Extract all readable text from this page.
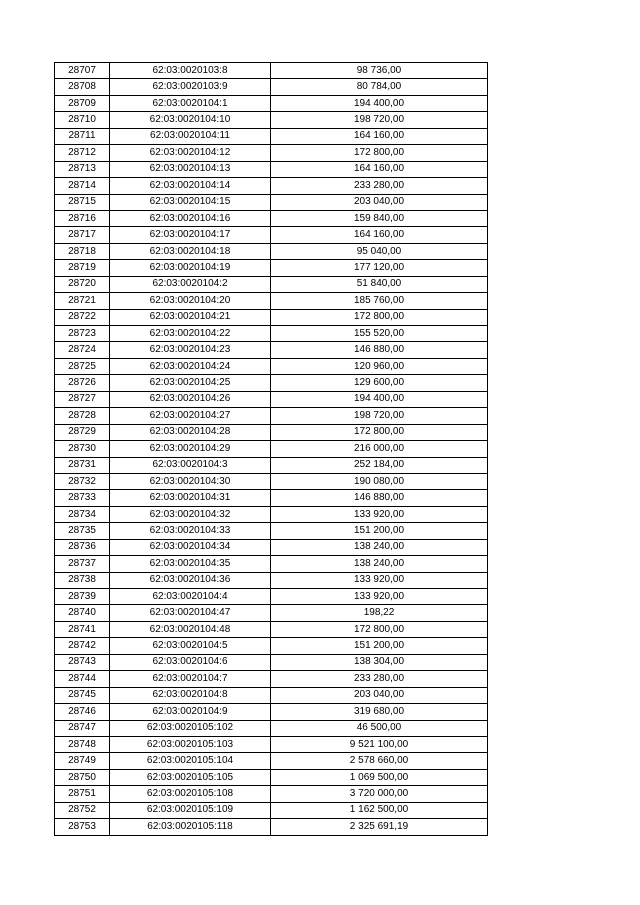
28707	62:03:0020103:8	98 736,00
28708	62:03:0020103:9	80 784,00
28709	62:03:0020104:1	194 400,00
28710	62:03:0020104:10	198 720,00
28711	62:03:0020104:11	164 160,00
28712	62:03:0020104:12	172 800,00
28713	62:03:0020104:13	164 160,00
28714	62:03:0020104:14	233 280,00
28715	62:03:0020104:15	203 040,00
28716	62:03:0020104:16	159 840,00
28717	62:03:0020104:17	164 160,00
28718	62:03:0020104:18	95 040,00
28719	62:03:0020104:19	177 120,00
28720	62:03:0020104:2	51 840,00
28721	62:03:0020104:20	185 760,00
28722	62:03:0020104:21	172 800,00
28723	62:03:0020104:22	155 520,00
28724	62:03:0020104:23	146 880,00
28725	62:03:0020104:24	120 960,00
28726	62:03:0020104:25	129 600,00
28727	62:03:0020104:26	194 400,00
28728	62:03:0020104:27	198 720,00
28729	62:03:0020104:28	172 800,00
28730	62:03:0020104:29	216 000,00
28731	62:03:0020104:3	252 184,00
28732	62:03:0020104:30	190 080,00
28733	62:03:0020104:31	146 880,00
28734	62:03:0020104:32	133 920,00
28735	62:03:0020104:33	151 200,00
28736	62:03:0020104:34	138 240,00
28737	62:03:0020104:35	138 240,00
28738	62:03:0020104:36	133 920,00
28739	62:03:0020104:4	133 920,00
28740	62:03:0020104:47	198,22
28741	62:03:0020104:48	172 800,00
28742	62:03:0020104:5	151 200,00
28743	62:03:0020104:6	138 304,00
28744	62:03:0020104:7	233 280,00
28745	62:03:0020104:8	203 040,00
28746	62:03:0020104:9	319 680,00
28747	62:03:0020105:102	46 500,00
28748	62:03:0020105:103	9 521 100,00
28749	62:03:0020105:104	2 578 660,00
28750	62:03:0020105:105	1 069 500,00
28751	62:03:0020105:108	3 720 000,00
28752	62:03:0020105:109	1 162 500,00
28753	62:03:0020105:118	2 325 691,19
